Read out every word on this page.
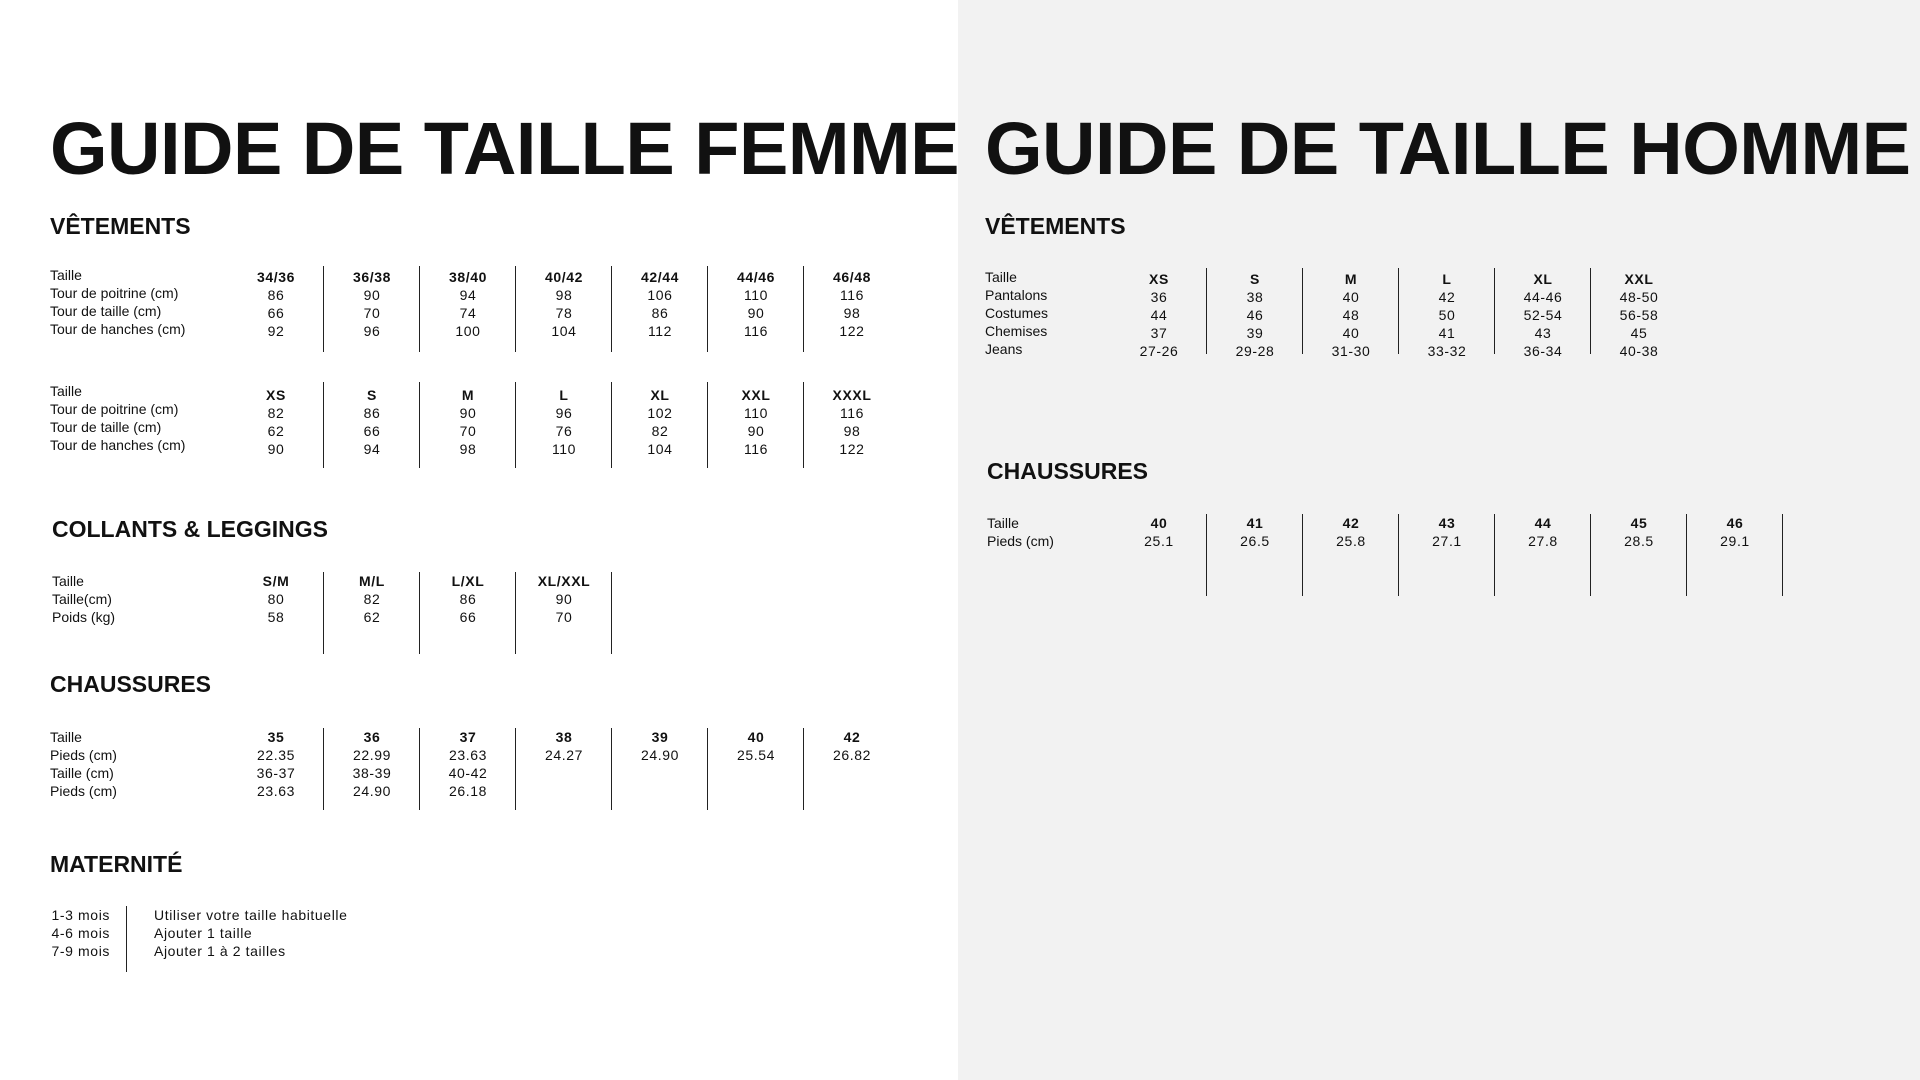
GUIDE DE TAILLE FEMME
VÊTEMENTS
Taille
Tour de poitrine (cm)
Tour de taille (cm)
Tour de hanches (cm)
34/36
86
66
92
36/38
90
70
96
38/40
94
74
100
40/42
98
78
104
42/44
106
86
112
44/46
110
90
116
46/48
116
98
122
Taille
Tour de poitrine (cm)
Tour de taille (cm)
Tour de hanches (cm)
XS
82
62
90
S
86
66
94
M
90
70
98
L
96
76
110
XL
102
82
104
XXL
110
90
116
XXXL
116
98
122
COLLANTS & LEGGINGS
Taille
Taille(cm)
Poids (kg)
S/M
80
58
M/L
82
62
L/XL
86
66
XL/XXL
90
70
CHAUSSURES
Taille
Pieds (cm)
Taille (cm)
Pieds (cm)
35
22.35
36-37
23.63
36
22.99
38-39
24.90
37
23.63
40-42
26.18
38
24.27
39
24.90
40
25.54
42
26.82
MATERNITÉ
1-3 mois
4-6 mois
7-9 mois
Utiliser votre taille habituelle
Ajouter 1 taille
Ajouter 1 à 2 tailles
GUIDE DE TAILLE HOMME
VÊTEMENTS
Taille
Pantalons
Costumes
Chemises
Jeans
XS
36
44
37
27-26
S
38
46
39
29-28
M
40
48
40
31-30
L
42
50
41
33-32
XL
44-46
52-54
43
36-34
XXL
48-50
56-58
45
40-38
CHAUSSURES
Taille
Pieds (cm)
40
25.1
41
26.5
42
25.8
43
27.1
44
27.8
45
28.5
46
29.1
